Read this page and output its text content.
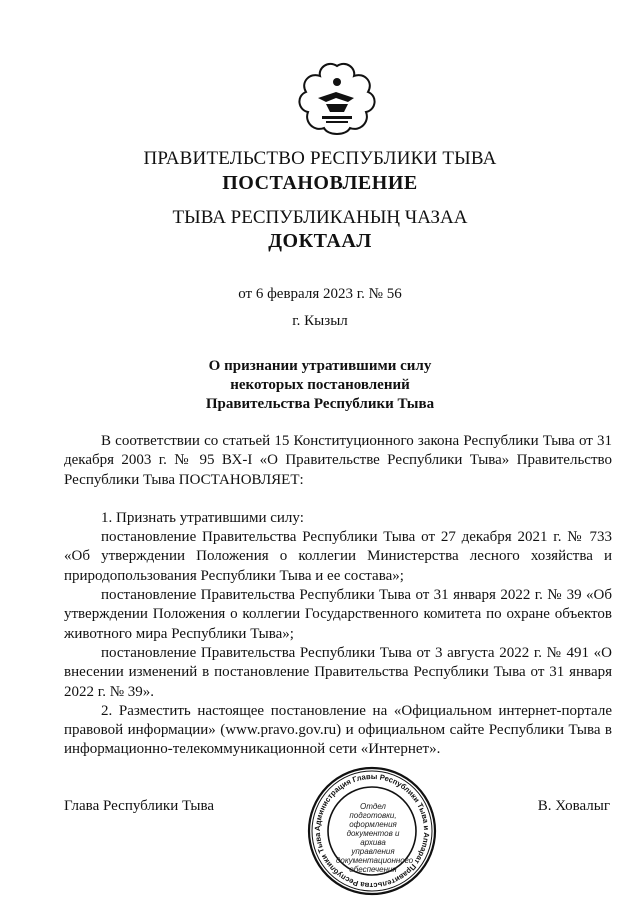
ПРАВИТЕЛЬСТВО РЕСПУБЛИКИ ТЫВА
ПОСТАНОВЛЕНИЕ
ТЫВА РЕСПУБЛИКАНЫҢ ЧАЗАА
ДОКТААЛ
от 6 февраля 2023 г. № 56
г. Кызыл
О признании утратившими силу
некоторых постановлений
Правительства Республики Тыва

В соответствии со статьей 15 Конституционного закона Республики Тыва от 31 декабря 2003 г. № 95 ВХ-I «О Правительстве Республики Тыва» Правительство Республики Тыва ПОСТАНОВЛЯЕТ:

1. Признать утратившими силу:

постановление Правительства Республики Тыва от 27 декабря 2021 г. № 733 «Об утверждении Положения о коллегии Министерства лесного хозяйства и природопользования Республики Тыва и ее состава»;

постановление Правительства Республики Тыва от 31 января 2022 г. № 39 «Об утверждении Положения о коллегии Государственного комитета по охране объектов животного мира Республики Тыва»;

постановление Правительства Республики Тыва от 3 августа 2022 г. № 491 «О внесении изменений в постановление Правительства Республики Тыва от 31 января 2022 г. № 39».

2. Разместить настоящее постановление на «Официальном интернет-портале правовой информации» (www.pravo.gov.ru) и официальном сайте Республики Тыва в информационно-телекоммуникационной сети «Интернет».

Глава Республики Тыва
Администрация Главы Республики Тыва и Аппарат Правительства Республики Тыва
Отдел
подготовки,
оформления
документов и архива
управления
документационного
обеспечения
В. Ховалыг
